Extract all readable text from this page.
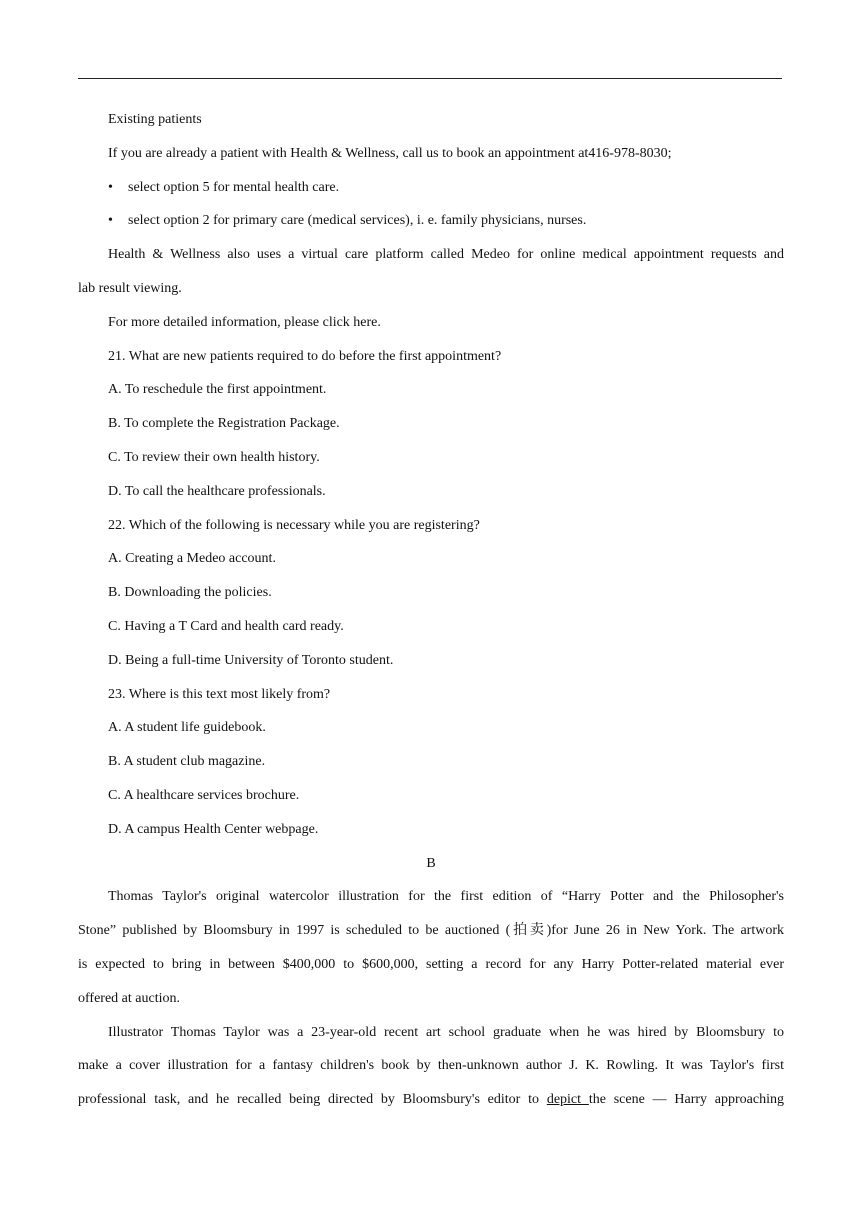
Existing patients

If you are already a patient with Health & Wellness, call us to book an appointment at416-978-8030;

• select option 5 for mental health care.

• select option 2 for primary care (medical services), i. e. family physicians, nurses.

Health & Wellness also uses a virtual care platform called Medeo for online medical appointment requests and

lab result viewing.

For more detailed information, please click here.

21. What are new patients required to do before the first appointment?

A. To reschedule the first appointment.

B. To complete the Registration Package.

C. To review their own health history.

D. To call the healthcare professionals.

22. Which of the following is necessary while you are registering?

A. Creating a Medeo account.

B. Downloading the policies.

C. Having a T Card and health card ready.

D. Being a full-time University of Toronto student.

23. Where is this text most likely from?

A. A student life guidebook.

B. A student club magazine.

C. A healthcare services brochure.

D. A campus Health Center webpage.

B

Thomas Taylor's original watercolor illustration for the first edition of “Harry Potter and the Philosopher's

Stone” published by Bloomsbury in 1997 is scheduled to be auctioned (拍卖)for June 26 in New York. The artwork

is expected to bring in between $400,000 to $600,000, setting a record for any Harry Potter-related material ever

offered at auction.

Illustrator Thomas Taylor was a 23-year-old recent art school graduate when he was hired by Bloomsbury to

make a cover illustration for a fantasy children's book by then-unknown author J. K. Rowling. It was Taylor's first

professional task, and he recalled being directed by Bloomsbury's editor to depict the scene — Harry approaching
